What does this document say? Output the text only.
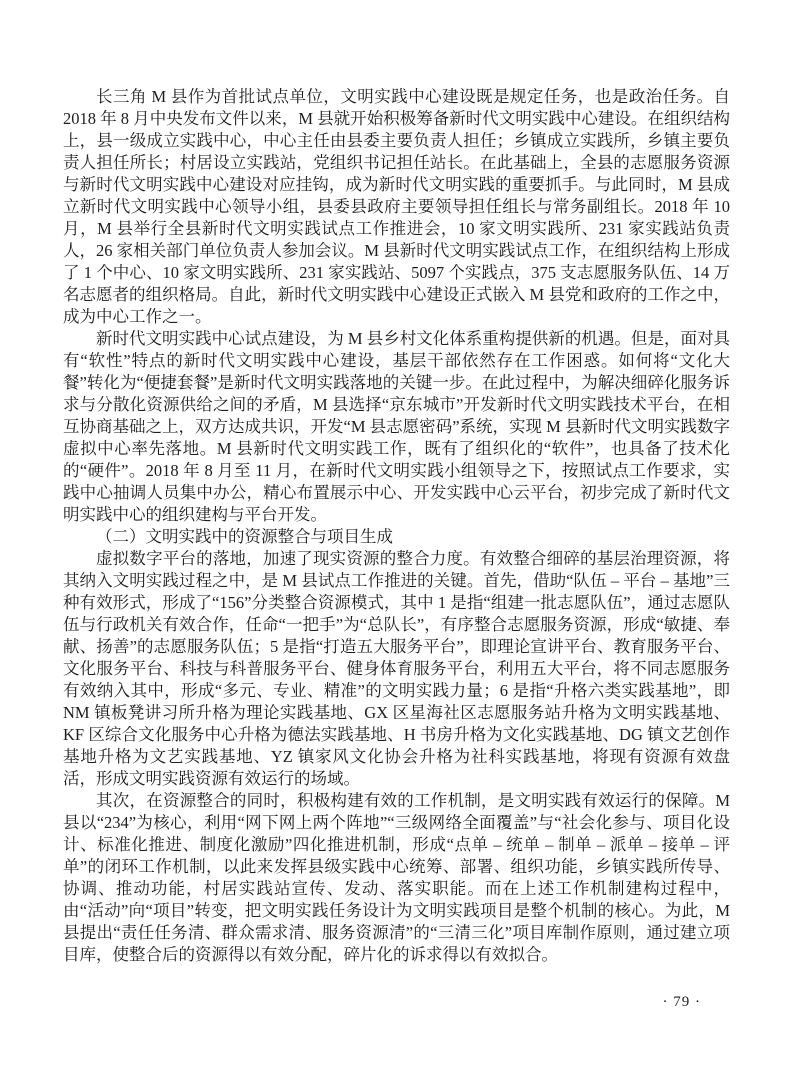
长三角 M 县作为首批试点单位，文明实践中心建设既是规定任务，也是政治任务。自 2018 年 8 月中央发布文件以来，M 县就开始积极筹备新时代文明实践中心建设。在组织结构上，县一级成立实践中心，中心主任由县委主要负责人担任；乡镇成立实践所，乡镇主要负责人担任所长；村居设立实践站，党组织书记担任站长。在此基础上，全县的志愿服务资源与新时代文明实践中心建设对应挂钩，成为新时代文明实践的重要抓手。与此同时，M 县成立新时代文明实践中心领导小组，县委县政府主要领导担任组长与常务副组长。2018 年 10 月，M 县举行全县新时代文明实践试点工作推进会，10 家文明实践所、231 家实践站负责人，26 家相关部门单位负责人参加会议。M 县新时代文明实践试点工作，在组织结构上形成了 1 个中心、10 家文明实践所、231 家实践站、5097 个实践点，375 支志愿服务队伍、14 万名志愿者的组织格局。自此，新时代文明实践中心建设正式嵌入 M 县党和政府的工作之中，成为中心工作之一。

新时代文明实践中心试点建设，为 M 县乡村文化体系重构提供新的机遇。但是，面对具有“软性”特点的新时代文明实践中心建设，基层干部依然存在工作困惑。如何将“文化大餐”转化为“便捷套餐”是新时代文明实践落地的关键一步。在此过程中，为解决细碎化服务诉求与分散化资源供给之间的矛盾，M 县选择“京东城市”开发新时代文明实践技术平台，在相互协商基础之上，双方达成共识，开发“M 县志愿密码”系统，实现 M 县新时代文明实践数字虚拟中心率先落地。M 县新时代文明实践工作，既有了组织化的“软件”，也具备了技术化的“硬件”。2018 年 8 月至 11 月，在新时代文明实践小组领导之下，按照试点工作要求，实践中心抽调人员集中办公，精心布置展示中心、开发实践中心云平台，初步完成了新时代文明实践中心的组织建构与平台开发。

（二）文明实践中的资源整合与项目生成

虚拟数字平台的落地，加速了现实资源的整合力度。有效整合细碎的基层治理资源，将其纳入文明实践过程之中，是 M 县试点工作推进的关键。首先，借助“队伍 – 平台 – 基地”三种有效形式，形成了“156”分类整合资源模式，其中 1 是指“组建一批志愿队伍”，通过志愿队伍与行政机关有效合作，任命“一把手”为“总队长”，有序整合志愿服务资源，形成“敏捷、奉献、扬善”的志愿服务队伍；5 是指“打造五大服务平台”，即理论宣讲平台、教育服务平台、文化服务平台、科技与科普服务平台、健身体育服务平台，利用五大平台，将不同志愿服务有效纳入其中，形成“多元、专业、精准”的文明实践力量；6 是指“升格六类实践基地”，即 NM 镇板凳讲习所升格为理论实践基地、GX 区星海社区志愿服务站升格为文明实践基地、KF 区综合文化服务中心升格为德法实践基地、H 书房升格为文化实践基地、DG 镇文艺创作基地升格为文艺实践基地、YZ 镇家风文化协会升格为社科实践基地，将现有资源有效盘活，形成文明实践资源有效运行的场域。

其次，在资源整合的同时，积极构建有效的工作机制，是文明实践有效运行的保障。M 县以“234”为核心，利用“网下网上两个阵地”“三级网络全面覆盖”与“社会化参与、项目化设计、标准化推进、制度化激励”四化推进机制，形成“点单 – 统单 – 制单 – 派单 – 接单 – 评单”的闭环工作机制，以此来发挥县级实践中心统筹、部署、组织功能，乡镇实践所传导、协调、推动功能，村居实践站宣传、发动、落实职能。而在上述工作机制建构过程中，由“活动”向“项目”转变，把文明实践任务设计为文明实践项目是整个机制的核心。为此，M 县提出“责任任务清、群众需求清、服务资源清”的“三清三化”项目库制作原则，通过建立项目库，使整合后的资源得以有效分配，碎片化的诉求得以有效拟合。

· 79 ·
